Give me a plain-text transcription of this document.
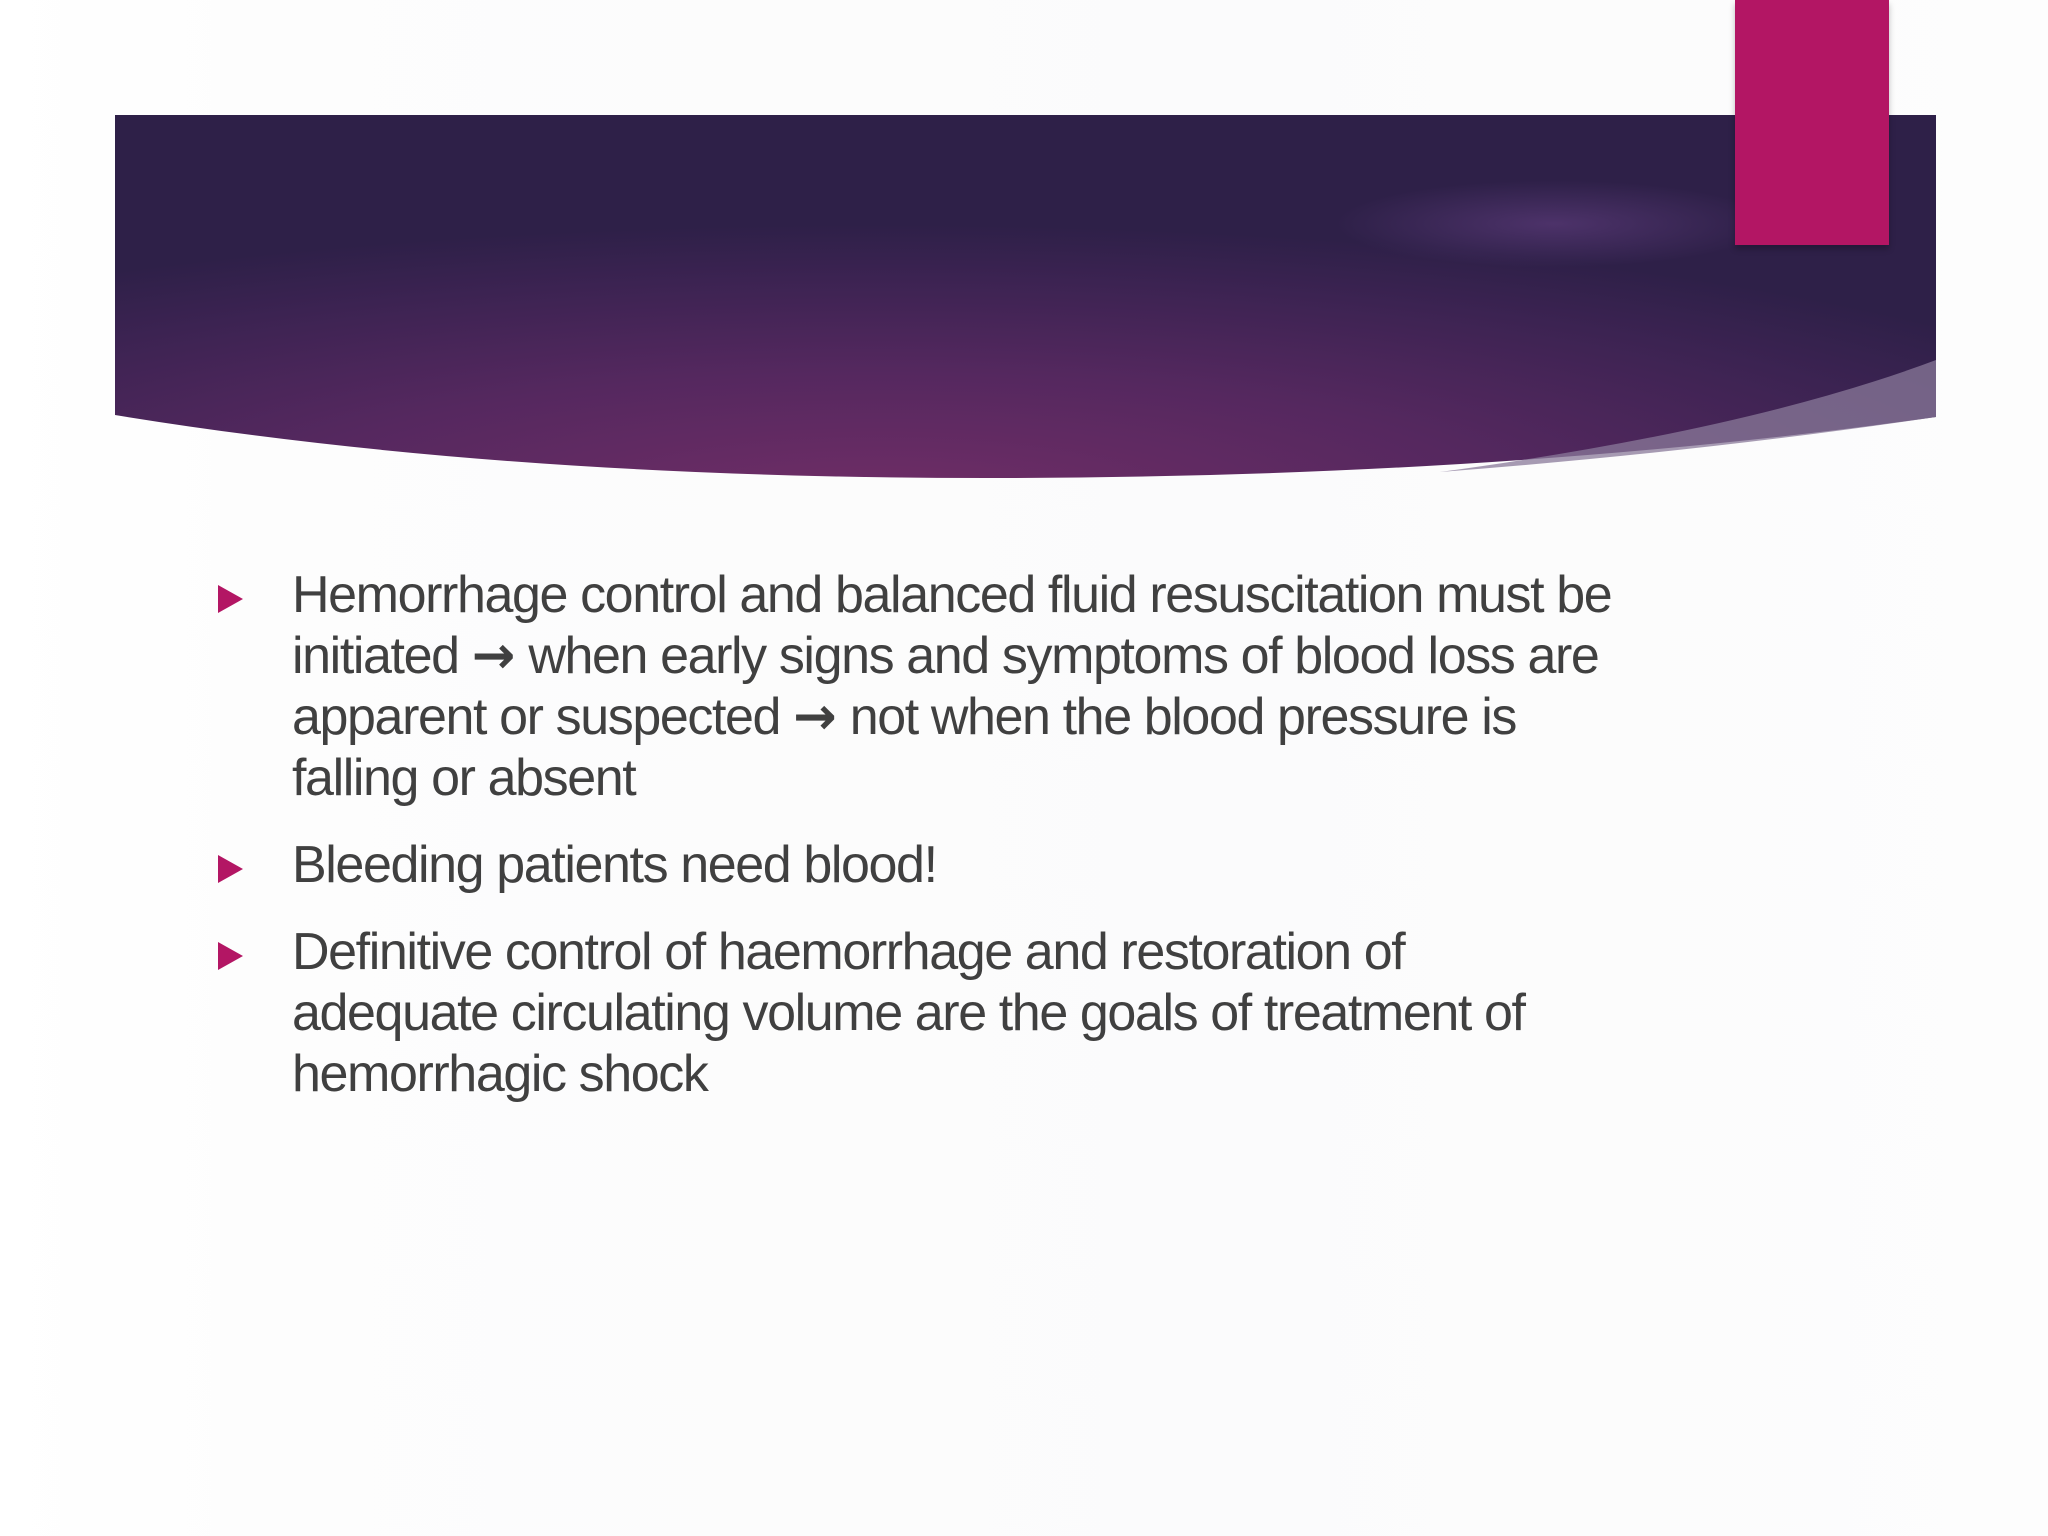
Hemorrhage control and balanced fluid resuscitation must be initiated → when early signs and symptoms of blood loss are apparent or suspected → not when the blood pressure is falling or absent
Bleeding patients need blood!
Definitive control of haemorrhage and restoration of adequate circulating volume are the goals of treatment of hemorrhagic shock
